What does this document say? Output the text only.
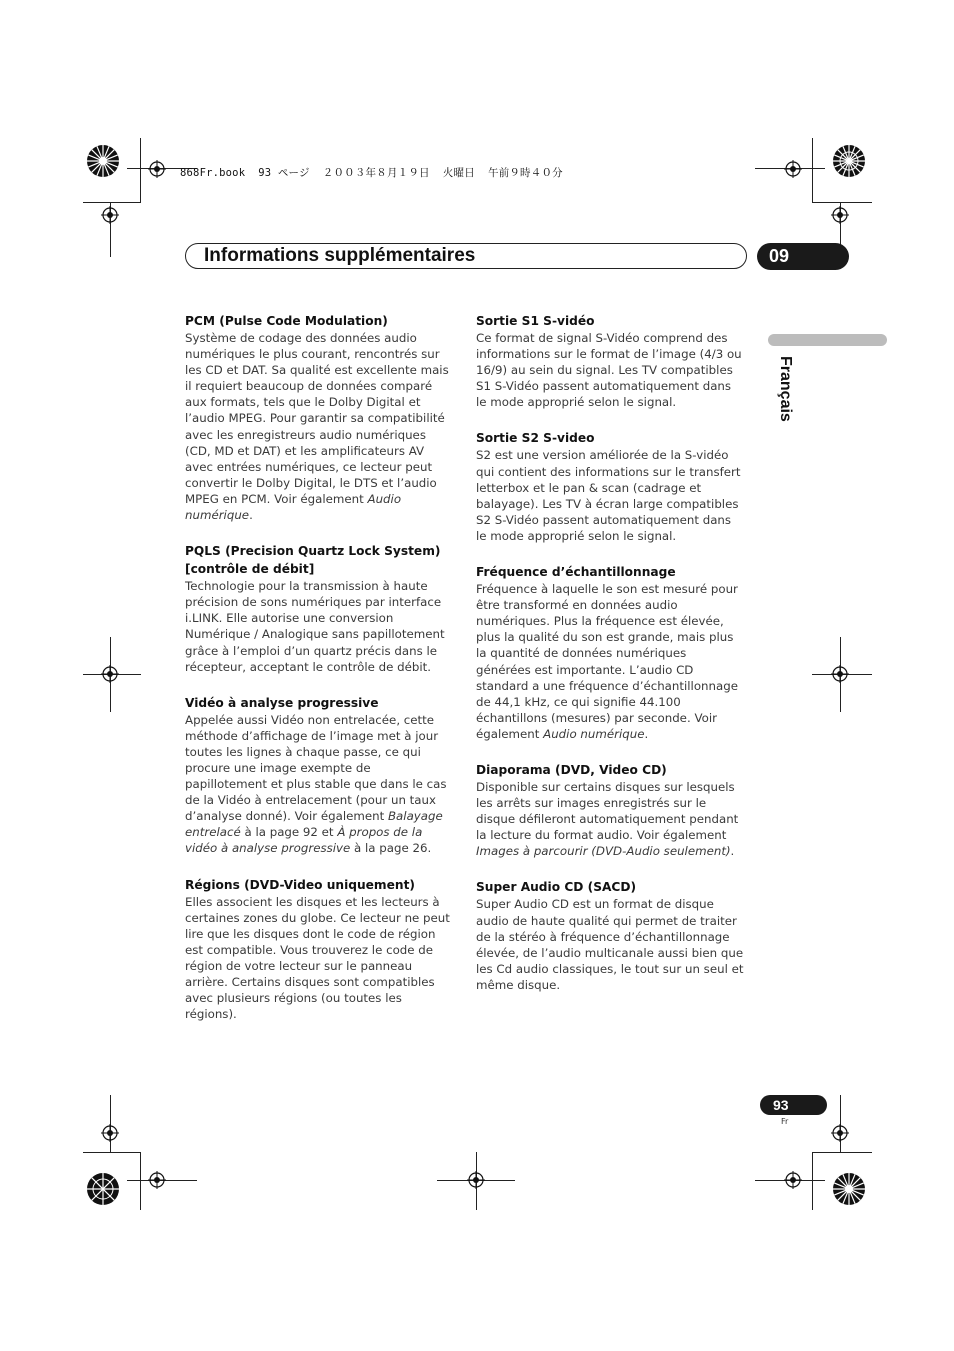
868Fr.book  93 ページ  ２００３年８月１９日  火曜日  午前９時４０分
Informations supplémentaires	09
Français
PCM (Pulse Code Modulation)
Système de codage des données audio numériques le plus courant, rencontrés sur les CD et DAT. Sa qualité est excellente mais il requiert beaucoup de données comparé aux formats, tels que le Dolby Digital et l’audio MPEG. Pour garantir sa compatibilité avec les enregistreurs audio numériques (CD, MD et DAT) et les amplificateurs AV avec entrées numériques, ce lecteur peut convertir le Dolby Digital, le DTS et l’audio MPEG en PCM. Voir également Audio numérique.
PQLS (Precision Quartz Lock System) [contrôle de débit]
Technologie pour la transmission à haute précision de sons numériques par interface i.LINK. Elle autorise une conversion Numérique / Analogique sans papillotement grâce à l’emploi d’un quartz précis dans le récepteur, acceptant le contrôle de débit.
Vidéo à analyse progressive
Appelée aussi Vidéo non entrelacée, cette méthode d’affichage de l’image met à jour toutes les lignes à chaque passe, ce qui procure une image exempte de papillotement et plus stable que dans le cas de la Vidéo à entrelacement (pour un taux d’analyse donné). Voir également Balayage entrelacé à la page 92 et À propos de la vidéo à analyse progressive à la page 26.
Régions (DVD-Video uniquement)
Elles associent les disques et les lecteurs à certaines zones du globe. Ce lecteur ne peut lire que les disques dont le code de région est compatible. Vous trouverez le code de région de votre lecteur sur le panneau arrière. Certains disques sont compatibles avec plusieurs régions (ou toutes les régions).
Sortie S1 S-vidéo
Ce format de signal S-Vidéo comprend des informations sur le format de l’image (4/3 ou 16/9) au sein du signal. Les TV compatibles S1 S-Vidéo passent automatiquement dans le mode approprié selon le signal.
Sortie S2 S-video
S2 est une version améliorée de la S-vidéo qui contient des informations sur le transfert letterbox et le pan & scan (cadrage et balayage). Les TV à écran large compatibles S2 S-Vidéo passent automatiquement dans le mode approprié selon le signal.
Fréquence d’échantillonnage
Fréquence à laquelle le son est mesuré pour être transformé en données audio numériques. Plus la fréquence est élevée, plus la qualité du son est grande, mais plus la quantité de données numériques générées est importante. L’audio CD standard a une fréquence d’échantillonnage de 44,1 kHz, ce qui signifie 44.100 échantillons (mesures) par seconde. Voir également Audio numérique.
Diaporama (DVD, Video CD)
Disponible sur certains disques sur lesquels les arrêts sur images enregistrés sur le disque défileront automatiquement pendant la lecture du format audio. Voir également Images à parcourir (DVD-Audio seulement).
Super Audio CD (SACD)
Super Audio CD est un format de disque audio de haute qualité qui permet de traiter de la stéréo à fréquence d’échantillonnage élevée, de l’audio multicanale aussi bien que les Cd audio classiques, le tout sur un seul et même disque.
93
Fr
